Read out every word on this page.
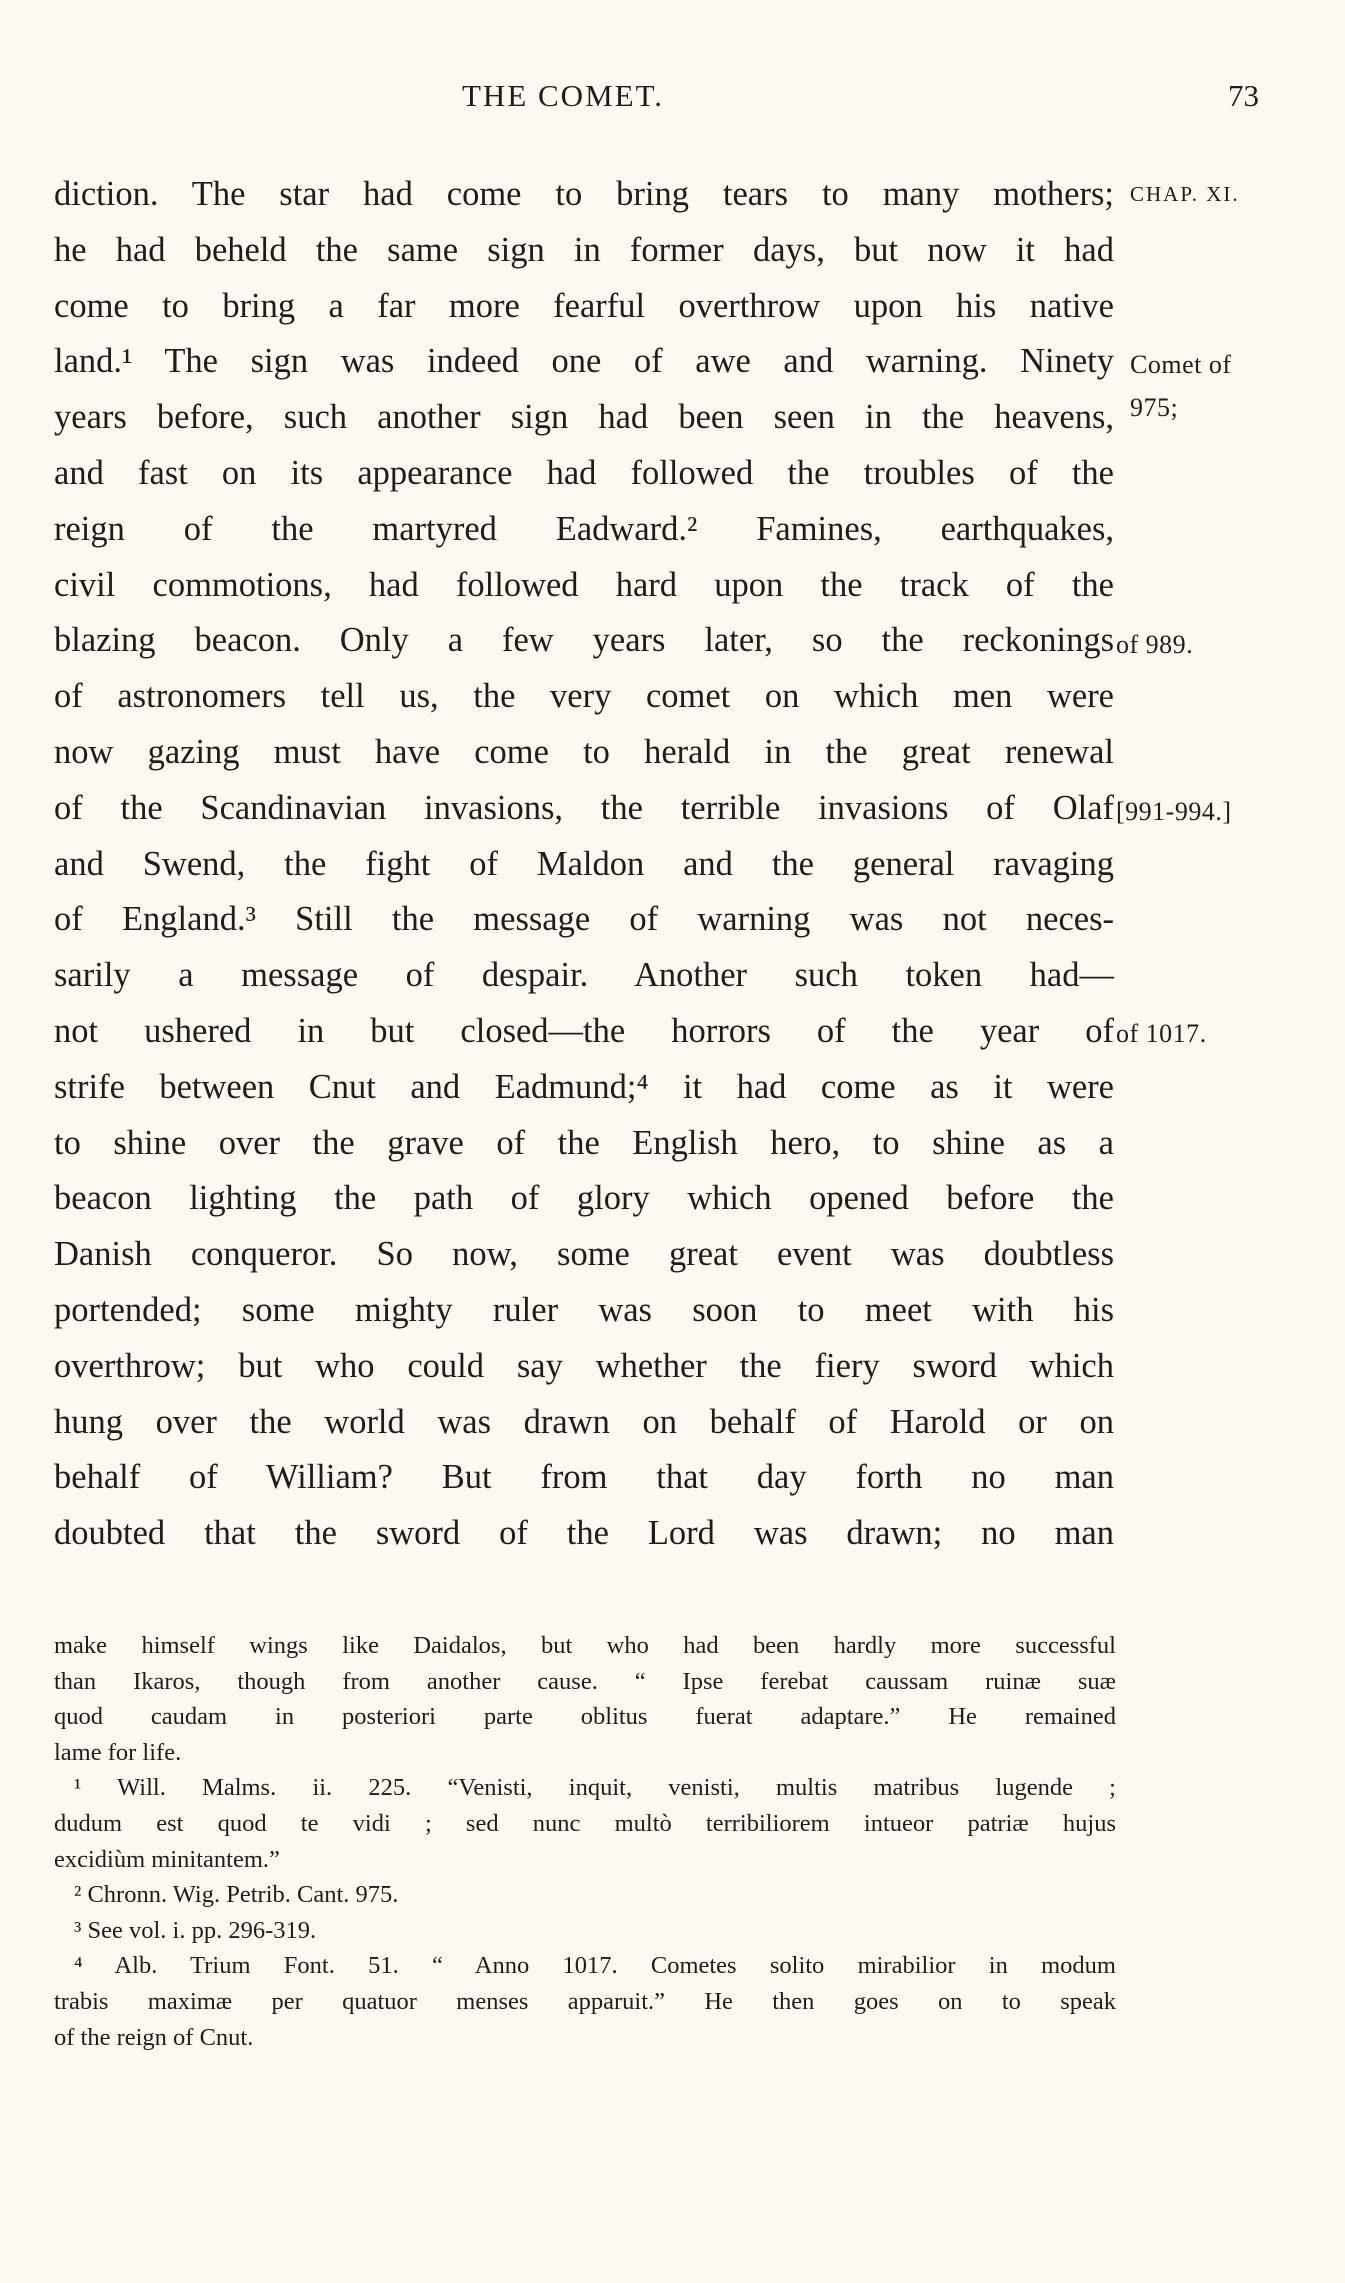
THE COMET.	73
diction. The star had come to bring tears to many mothers;
he had beheld the same sign in former days, but now it had
come to bring a far more fearful overthrow upon his native
land.¹ The sign was indeed one of awe and warning. Ninety
years before, such another sign had been seen in the heavens,
and fast on its appearance had followed the troubles of the
reign of the martyred Eadward.² Famines, earthquakes,
civil commotions, had followed hard upon the track of the
blazing beacon. Only a few years later, so the reckonings
of astronomers tell us, the very comet on which men were
now gazing must have come to herald in the great renewal
of the Scandinavian invasions, the terrible invasions of Olaf
and Swend, the fight of Maldon and the general ravaging
of England.³ Still the message of warning was not neces-
sarily a message of despair. Another such token had—
not ushered in but closed—the horrors of the year of
strife between Cnut and Eadmund;⁴ it had come as it were
to shine over the grave of the English hero, to shine as a
beacon lighting the path of glory which opened before the
Danish conqueror. So now, some great event was doubtless
portended; some mighty ruler was soon to meet with his
overthrow; but who could say whether the fiery sword which
hung over the world was drawn on behalf of Harold or on
behalf of William? But from that day forth no man
doubted that the sword of the Lord was drawn; no man
CHAP. XI.
Comet of
975;
of 989.
[991-994.]
of 1017.
make himself wings like Daidalos, but who had been hardly more successful
than Ikaros, though from another cause. “ Ipse ferebat caussam ruinæ suæ
quod caudam in posteriori parte oblitus fuerat adaptare.” He remained
lame for life.
¹ Will. Malms. ii. 225. “Venisti, inquit, venisti, multis matribus lugende ;
dudum est quod te vidi ; sed nunc multò terribiliorem intueor patriæ hujus
excidiùm minitantem.”
² Chronn. Wig. Petrib. Cant. 975.
³ See vol. i. pp. 296-319.
⁴ Alb. Trium Font. 51. “ Anno 1017. Cometes solito mirabilior in modum
trabis maximæ per quatuor menses apparuit.” He then goes on to speak
of the reign of Cnut.
